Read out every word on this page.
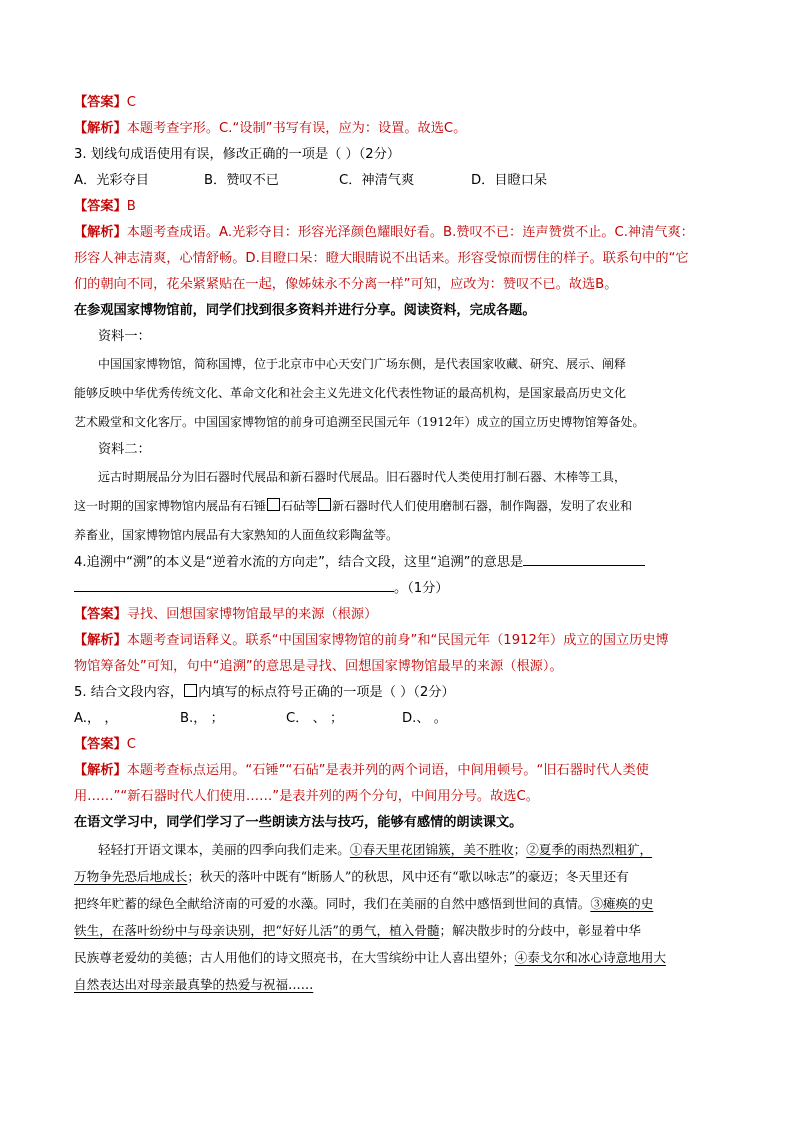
【答案】C
【解析】本题考查字形。C.“设制”书写有误，应为：设置。故选C。
3. 划线句成语使用有误，修改正确的一项是（ ）（2分）
A．光彩夺目	B．赞叹不已	C．神清气爽	D．目瞪口呆
【答案】B
【解析】本题考查成语。A.光彩夺目：形容光泽颜色耀眼好看。B.赞叹不已：连声赞赏不止。C.神清气爽：
形容人神志清爽，心情舒畅。D.目瞪口呆：瞪大眼睛说不出话来。形容受惊而愣住的样子。联系句中的“它
们的朝向不同，花朵紧紧贴在一起，像姊妹永不分离一样”可知，应改为：赞叹不已。故选B。
在参观国家博物馆前，同学们找到很多资料并进行分享。阅读资料，完成各题。
资料一：
中国国家博物馆，简称国博，位于北京市中心天安门广场东侧，是代表国家收藏、研究、展示、阐释
能够反映中华优秀传统文化、革命文化和社会主义先进文化代表性物证的最高机构，是国家最高历史文化
艺术殿堂和文化客厅。中国国家博物馆的前身可追溯至民国元年（1912年）成立的国立历史博物馆筹备处。
资料二：
远古时期展品分为旧石器时代展品和新石器时代展品。旧石器时代人类使用打制石器、木棒等工具，
这一时期的国家博物馆内展品有石锤 石砧等 新石器时代人们使用磨制石器，制作陶器，发明了农业和
养畜业，国家博物馆内展品有大家熟知的人面鱼纹彩陶盆等。
4.追溯中“溯”的本义是“逆着水流的方向走”，结合文段，这里“追溯”的意思是
。（1分）
【答案】寻找、回想国家博物馆最早的来源（根源）
【解析】本题考查词语释义。联系“中国国家博物馆的前身”和“民国元年（1912年）成立的国立历史博
物馆筹备处”可知，句中“追溯”的意思是寻找、回想国家博物馆最早的来源（根源）。
5. 结合文段内容， 内填写的标点符号正确的一项是（ ）（2分）
A.， ，	B.， ；	C． 、 ；	D.、 。
【答案】C
【解析】本题考查标点运用。“石锤”“石砧”是表并列的两个词语，中间用顿号。“旧石器时代人类使
用……”“新石器时代人们使用……”是表并列的两个分句，中间用分号。故选C。
在语文学习中，同学们学习了一些朗读方法与技巧，能够有感情的朗读课文。
轻轻打开语文课本，美丽的四季向我们走来。①春天里花团锦簇，美不胜收；②夏季的雨热烈粗犷，
万物争先恐后地成长；秋天的落叶中既有“断肠人”的秋思，风中还有“歌以咏志”的豪迈；冬天里还有
把终年贮蓄的绿色全献给济南的可爱的水藻。同时，我们在美丽的自然中感悟到世间的真情。③瘫痪的史
铁生，在落叶纷纷中与母亲诀别，把“好好儿活”的勇气，植入骨髓；解决散步时的分歧中，彰显着中华
民族尊老爱幼的美德；古人用他们的诗文照亮书，在大雪缤纷中让人喜出望外；④泰戈尔和冰心诗意地用大
自然表达出对母亲最真挚的热爱与祝福……
